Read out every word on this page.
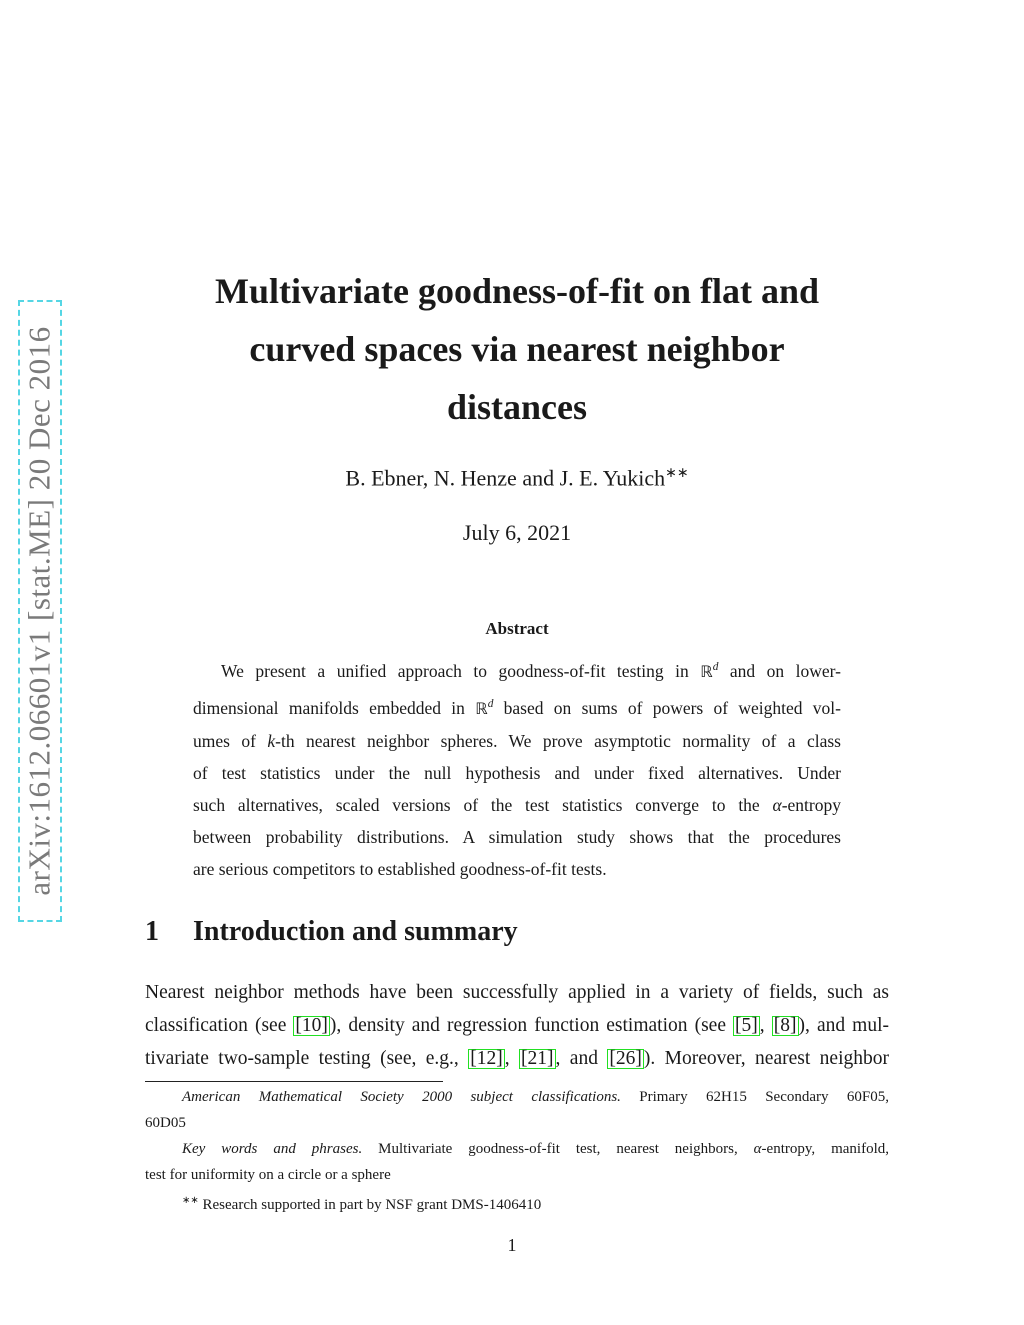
arXiv:1612.06601v1 [stat.ME] 20 Dec 2016
Multivariate goodness-of-fit on flat and
curved spaces via nearest neighbor
distances
B. Ebner, N. Henze and J. E. Yukich∗∗
July 6, 2021
Abstract
We present a unified approach to goodness-of-fit testing in ℝ$^d$ and on lower-
dimensional manifolds embedded in ℝ$^d$ based on sums of powers of weighted vol-
umes of k-th nearest neighbor spheres. We prove asymptotic normality of a class
of test statistics under the null hypothesis and under fixed alternatives. Under
such alternatives, scaled versions of the test statistics converge to the α-entropy
between probability distributions. A simulation study shows that the procedures
are serious competitors to established goodness-of-fit tests.
1 Introduction and summary
Nearest neighbor methods have been successfully applied in a variety of fields, such as
classification (see [10] ), density and regression function estimation (see [5] , [8] ), and mul-
tivariate two-sample testing (see, e.g., [12] , [21] , and [26] ). Moreover, nearest neighbor
American Mathematical Society 2000 subject classifications. Primary 62H15 Secondary 60F05,
60D05
Key words and phrases. Multivariate goodness-of-fit test, nearest neighbors, α-entropy, manifold,
test for uniformity on a circle or a sphere
∗∗ Research supported in part by NSF grant DMS-1406410
1
